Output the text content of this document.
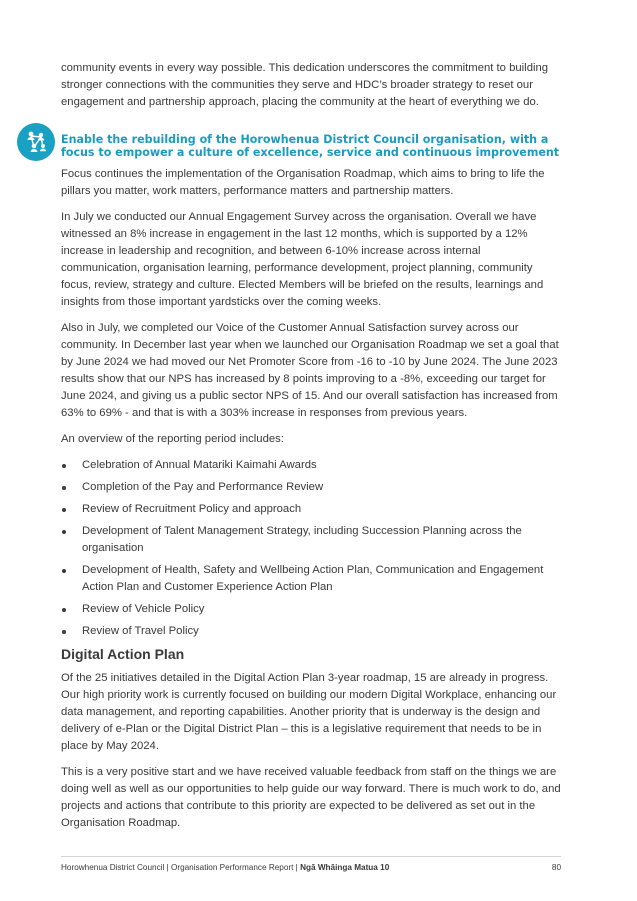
community events in every way possible. This dedication underscores the commitment to building stronger connections with the communities they serve and HDC’s broader strategy to reset our engagement and partnership approach, placing the community at the heart of everything we do.

Enable the rebuilding of the Horowhenua District Council organisation, with a

focus to empower a culture of excellence, service and continuous improvement

Focus continues the implementation of the Organisation Roadmap, which aims to bring to life the pillars you matter, work matters, performance matters and partnership matters.

In July we conducted our Annual Engagement Survey across the organisation. Overall we have witnessed an 8% increase in engagement in the last 12 months, which is supported by a 12% increase in leadership and recognition, and between 6-10% increase across internal communication, organisation learning, performance development, project planning, community focus, review, strategy and culture. Elected Members will be briefed on the results, learnings and insights from those important yardsticks over the coming weeks.

Also in July, we completed our Voice of the Customer Annual Satisfaction survey across our community. In December last year when we launched our Organisation Roadmap we set a goal that by June 2024 we had moved our Net Promoter Score from -16 to -10 by June 2024. The June 2023 results show that our NPS has increased by 8 points improving to a -8%, exceeding our target for June 2024, and giving us a public sector NPS of 15. And our overall satisfaction has increased from 63% to 69% - and that is with a 303% increase in responses from previous years.

An overview of the reporting period includes:

Celebration of Annual Matariki Kaimahi Awards
Completion of the Pay and Performance Review
Review of Recruitment Policy and approach
Development of Talent Management Strategy, including Succession Planning across the organisation
Development of Health, Safety and Wellbeing Action Plan, Communication and Engagement Action Plan and Customer Experience Action Plan
Review of Vehicle Policy
Review of Travel Policy
Digital Action Plan

Of the 25 initiatives detailed in the Digital Action Plan 3-year roadmap, 15 are already in progress. Our high priority work is currently focused on building our modern Digital Workplace, enhancing our data management, and reporting capabilities. Another priority that is underway is the design and delivery of e-Plan or the Digital District Plan – this is a legislative requirement that needs to be in place by May 2024.

This is a very positive start and we have received valuable feedback from staff on the things we are doing well as well as our opportunities to help guide our way forward. There is much work to do, and projects and actions that contribute to this priority are expected to be delivered as set out in the Organisation Roadmap.

Horowhenua District Council | Organisation Performance Report | Ngā Whāinga Matua 10	80
